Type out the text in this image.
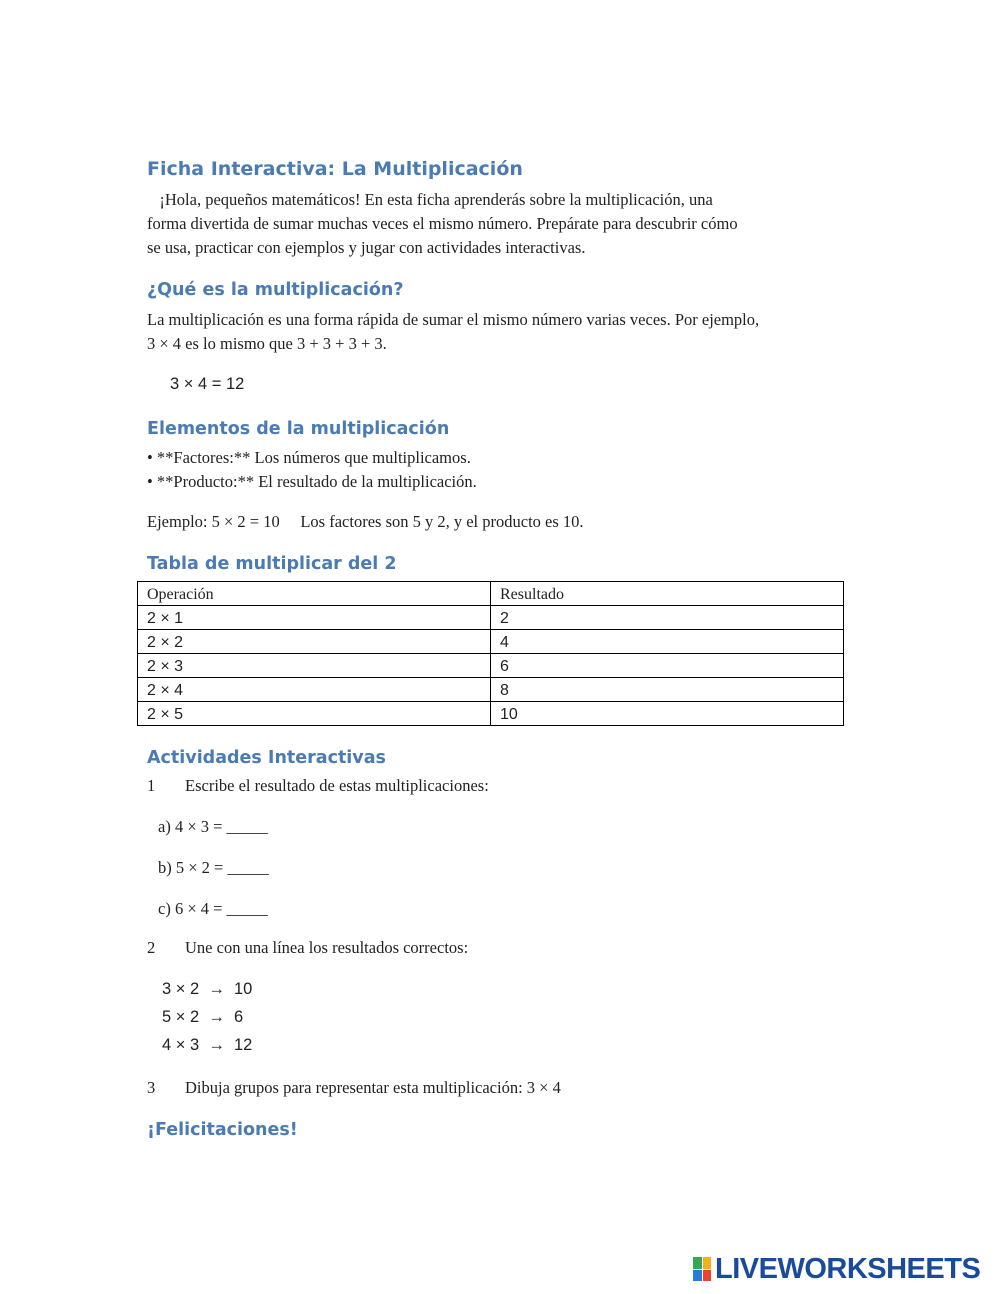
Ficha Interactiva: La Multiplicación

¡Hola, pequeños matemáticos! En esta ficha aprenderás sobre la multiplicación, una

forma divertida de sumar muchas veces el mismo número. Prepárate para descubrir cómo

se usa, practicar con ejemplos y jugar con actividades interactivas.

¿Qué es la multiplicación?

La multiplicación es una forma rápida de sumar el mismo número varias veces. Por ejemplo,

3 × 4 es lo mismo que 3 + 3 + 3 + 3.

3 × 4 = 12

Elementos de la multiplicación

• **Factores:** Los números que multiplicamos.

• **Producto:** El resultado de la multiplicación.

Ejemplo: 5 × 2 = 10     Los factores son 5 y 2, y el producto es 10.

Tabla de multiplicar del 2

Operación	Resultado
2 × 1	2
2 × 2	4
2 × 3	6
2 × 4	8
2 × 5	10

Actividades Interactivas

1 Escribe el resultado de estas multiplicaciones:
a) 4 × 3 = _____
b) 5 × 2 = _____
c) 6 × 4 = _____
2 Une con una línea los resultados correctos:
3 × 2  →  10
5 × 2  →  6
4 × 3  →  12
3 Dibuja grupos para representar esta multiplicación: 3 × 4

¡Felicitaciones!

LIVEWORKSHEETS
